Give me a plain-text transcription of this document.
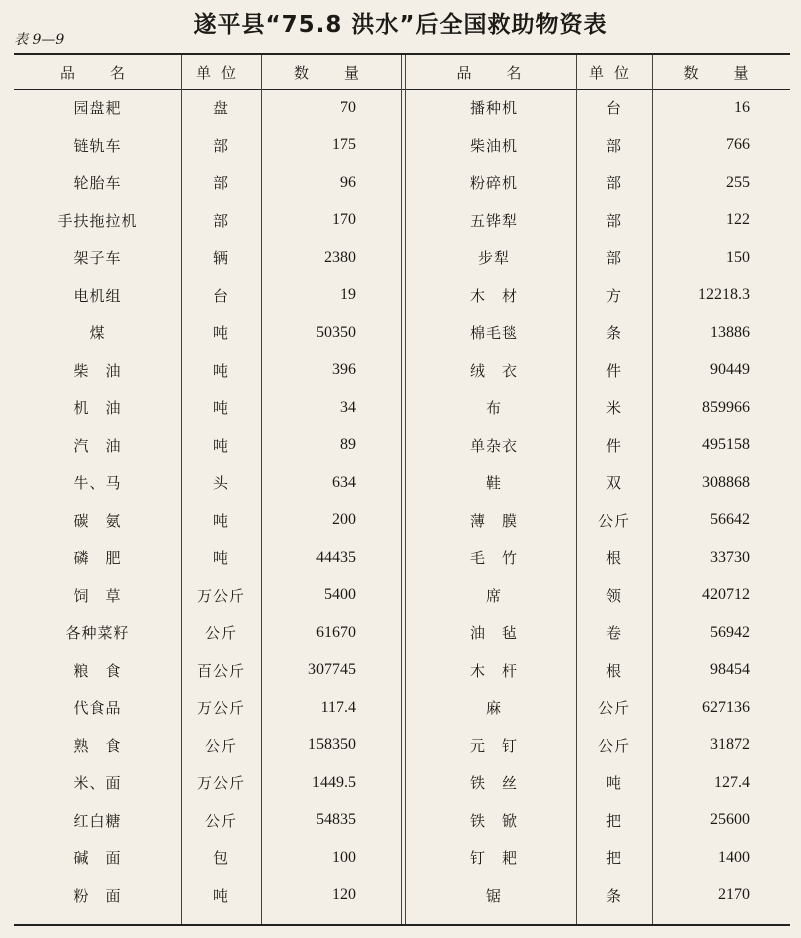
遂平县“75.8 洪水”后全国救助物资表
表 9—9
品　名	单位	数　量	品　名	单位	数　量
园盘耙	盘	70	播种机	台	16
链轨车	部	175	柴油机	部	766
轮胎车	部	96	粉碎机	部	255
手扶拖拉机	部	170	五铧犁	部	122
架子车	辆	2380	步犁	部	150
电机组	台	19	木　材	方	12218.3
煤	吨	50350	棉毛毯	条	13886
柴　油	吨	396	绒　衣	件	90449
机　油	吨	34	布	米	859966
汽　油	吨	89	单杂衣	件	495158
牛、马	头	634	鞋	双	308868
碳　氨	吨	200	薄　膜	公斤	56642
磷　肥	吨	44435	毛　竹	根	33730
饲　草	万公斤	5400	席	领	420712
各种菜籽	公斤	61670	油　毡	卷	56942
粮　食	百公斤	307745	木　杆	根	98454
代食品	万公斤	117.4	麻	公斤	627136
熟　食	公斤	158350	元　钉	公斤	31872
米、面	万公斤	1449.5	铁　丝	吨	127.4
红白糖	公斤	54835	铁　锨	把	25600
碱　面	包	100	钉　耙	把	1400
粉　面	吨	120	锯	条	2170
